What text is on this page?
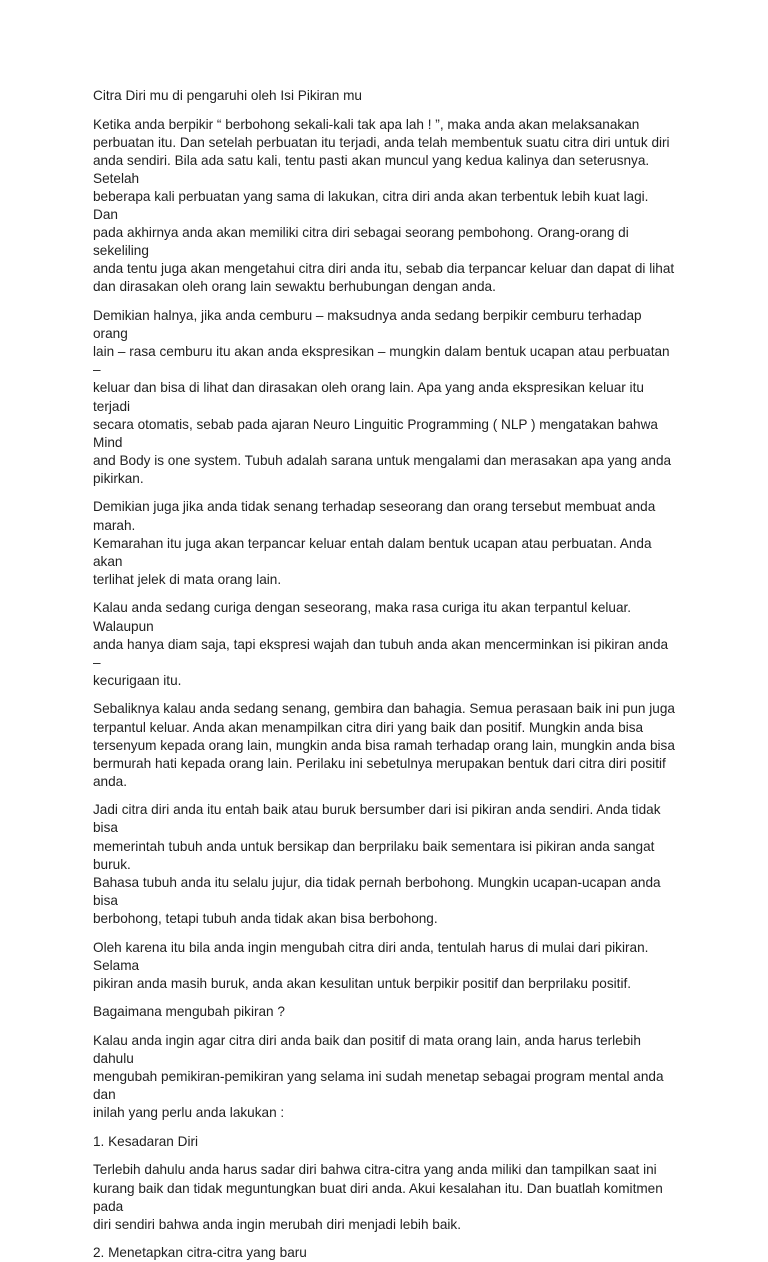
Citra Diri mu di pengaruhi oleh Isi Pikiran mu

Ketika anda berpikir “ berbohong sekali-kali tak apa lah ! ”, maka anda akan melaksanakan
perbuatan itu. Dan setelah perbuatan itu terjadi, anda telah membentuk suatu citra diri untuk diri
anda sendiri. Bila ada satu kali, tentu pasti akan muncul yang kedua kalinya dan seterusnya. Setelah
beberapa kali perbuatan yang sama di lakukan, citra diri anda akan terbentuk lebih kuat lagi. Dan
pada akhirnya anda akan memiliki citra diri sebagai seorang pembohong. Orang-orang di sekeliling
anda tentu juga akan mengetahui citra diri anda itu, sebab dia terpancar keluar dan dapat di lihat
dan dirasakan oleh orang lain sewaktu berhubungan dengan anda.

Demikian halnya, jika anda cemburu – maksudnya anda sedang berpikir cemburu terhadap orang
lain – rasa cemburu itu akan anda ekspresikan – mungkin dalam bentuk ucapan atau perbuatan –
keluar dan bisa di lihat dan dirasakan oleh orang lain. Apa yang anda ekspresikan keluar itu terjadi
secara otomatis, sebab pada ajaran Neuro Linguitic Programming ( NLP ) mengatakan bahwa Mind
and Body is one system. Tubuh adalah sarana untuk mengalami dan merasakan apa yang anda
pikirkan.

Demikian juga jika anda tidak senang terhadap seseorang dan orang tersebut membuat anda marah.
Kemarahan itu juga akan terpancar keluar entah dalam bentuk ucapan atau perbuatan. Anda akan
terlihat jelek di mata orang lain.

Kalau anda sedang curiga dengan seseorang, maka rasa curiga itu akan terpantul keluar. Walaupun
anda hanya diam saja, tapi ekspresi wajah dan tubuh anda akan mencerminkan isi pikiran anda –
kecurigaan itu.

Sebaliknya kalau anda sedang senang, gembira dan bahagia. Semua perasaan baik ini pun juga
terpantul keluar. Anda akan menampilkan citra diri yang baik dan positif. Mungkin anda bisa
tersenyum kepada orang lain, mungkin anda bisa ramah terhadap orang lain, mungkin anda bisa
bermurah hati kepada orang lain. Perilaku ini sebetulnya merupakan bentuk dari citra diri positif
anda.

Jadi citra diri anda itu entah baik atau buruk bersumber dari isi pikiran anda sendiri. Anda tidak bisa
memerintah tubuh anda untuk bersikap dan berprilaku baik sementara isi pikiran anda sangat buruk.
Bahasa tubuh anda itu selalu jujur, dia tidak pernah berbohong. Mungkin ucapan-ucapan anda bisa
berbohong, tetapi tubuh anda tidak akan bisa berbohong.

Oleh karena itu bila anda ingin mengubah citra diri anda, tentulah harus di mulai dari pikiran. Selama
pikiran anda masih buruk, anda akan kesulitan untuk berpikir positif dan berprilaku positif.

Bagaimana mengubah pikiran ?

Kalau anda ingin agar citra diri anda baik dan positif di mata orang lain, anda harus terlebih dahulu
mengubah pemikiran-pemikiran yang selama ini sudah menetap sebagai program mental anda dan
inilah yang perlu anda lakukan :

1. Kesadaran Diri

Terlebih dahulu anda harus sadar diri bahwa citra-citra yang anda miliki dan tampilkan saat ini
kurang baik dan tidak meguntungkan buat diri anda. Akui kesalahan itu. Dan buatlah komitmen pada
diri sendiri bahwa anda ingin merubah diri menjadi lebih baik.

2. Menetapkan citra-citra yang baru
